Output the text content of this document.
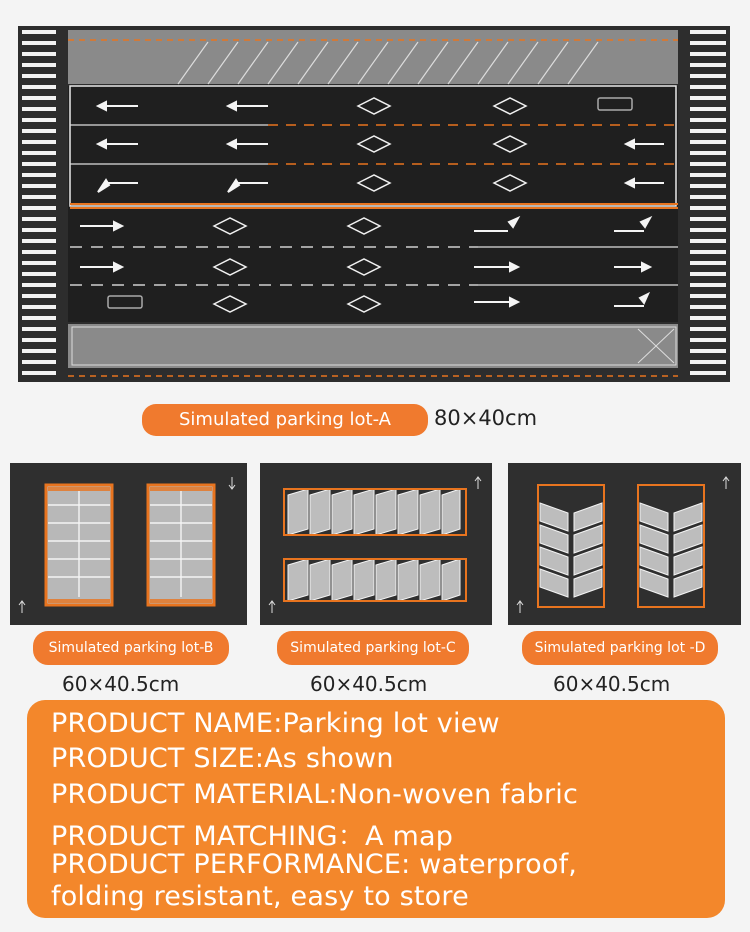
Simulated parking lot-A	80×40cm
Simulated parking lot-B
60×40.5cm
Simulated parking lot-C
60×40.5cm
Simulated parking lot -D
60×40.5cm
PRODUCT NAME:Parking lot view
PRODUCT SIZE:As shown
PRODUCT MATERIAL:Non-woven fabric
PRODUCT MATCHING：A map
PRODUCT PERFORMANCE: waterproof,
folding resistant, easy to store
